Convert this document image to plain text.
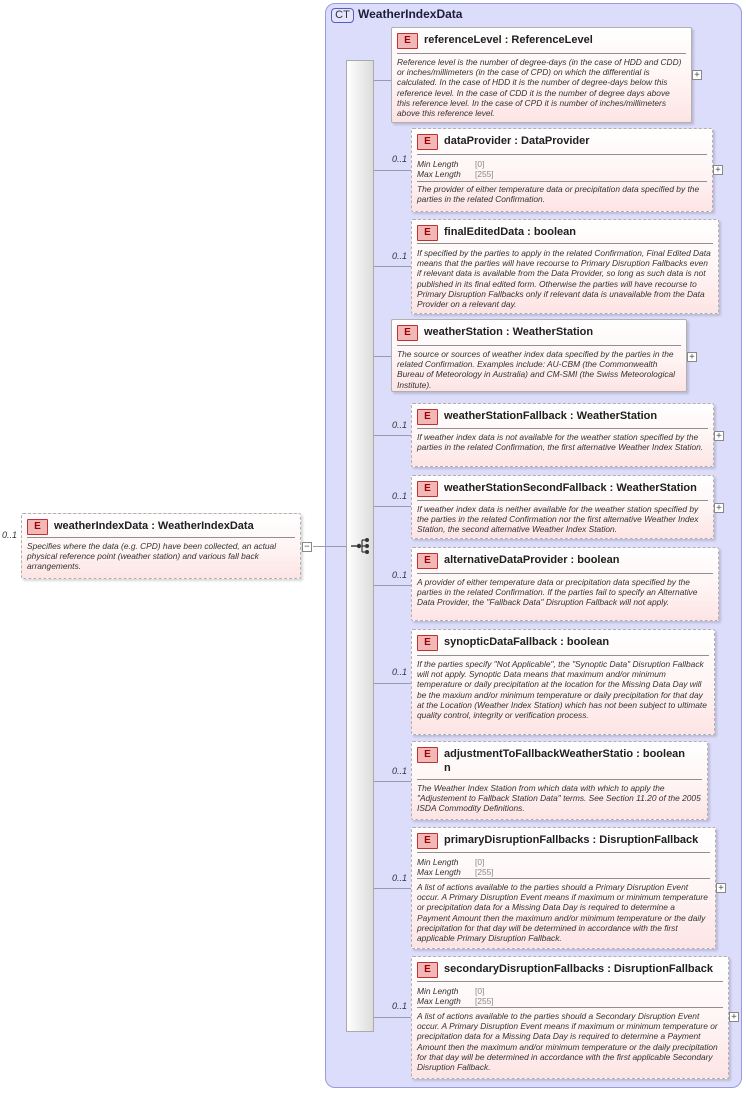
CT WeatherIndexData
0..1
E	weatherIndexData : WeatherIndexData
Specifies where the data (e.g. CPD) have been collected, an actual physical reference point (weather station) and various fall back arrangements.
−
E	referenceLevel : ReferenceLevel
Reference level is the number of degree-days (in the case of HDD and CDD) or inches/millimeters (in the case of CPD) on which the differential is calculated. In the case of HDD it is the number of degree-days below this reference level. In the case of CDD it is the number of degree days above this reference level. In the case of CPD it is number of inches/millimeters above this reference level.
+
0..1
E	dataProvider : DataProvider
Min Length [0]
Max Length [255]
The provider of either temperature data or precipitation data specified by the parties in the related Confirmation.
+
0..1
E	finalEditedData : boolean
If specified by the parties to apply in the related Confirmation, Final Edited Data means that the parties will have recourse to Primary Disruption Fallbacks even if relevant data is available from the Data Provider, so long as such data is not published in its final edited form. Otherwise the parties will have recourse to Primary Disruption Fallbacks only if relevant data is unavailable from the Data Provider on a relevant day.
E	weatherStation : WeatherStation
The source or sources of weather index data specified by the parties in the related Confirmation. Examples include: AU-CBM (the Commonwealth Bureau of Meteorology in Australia) and CM-SMI (the Swiss Meteorological Institute).
+
0..1
E	weatherStationFallback : WeatherStation
If weather index data is not available for the weather station specified by the parties in the related Confirmation, the first alternative Weather Index Station.
+
0..1
E	weatherStationSecondFallback : WeatherStation
If weather index data is neither available for the weather station specified by the parties in the related Confirmation nor the first alternative Weather Index Station, the second alternative Weather Index Station.
+
0..1
E	alternativeDataProvider : boolean
A provider of either temperature data or precipitation data specified by the parties in the related Confirmation. If the parties fail to specify an Alternative Data Provider, the "Fallback Data" Disruption Fallback will not apply.
0..1
E	synopticDataFallback : boolean
If the parties specify "Not Applicable", the "Synoptic Data" Disruption Fallback will not apply. Synoptic Data means that maximum and/or minimum temperature or daily precipitation at the location for the Missing Data Day will be the maxium and/or minimum temperature or daily precipitation for that day at the Location (Weather Index Station) which has not been subject to ultimate quality control, integrity or verification process.
0..1
E	adjustmentToFallbackWeatherStatio : boolean
n
The Weather Index Station from which data with which to apply the "Adjustement to Fallback Station Data" terms. See Section 11.20 of the 2005 ISDA Commodity Definitions.
0..1
E	primaryDisruptionFallbacks : DisruptionFallback
Min Length [0]
Max Length [255]
A list of actions available to the parties should a Primary Disruption Event occur. A Primary Disruption Event means if maximum or minimum temperature or precipitation data for a Missing Data Day is required to determine a Payment Amount then the maximum and/or minimum temperature or the daily precipitation for that day will be determined in accordance with the first applicable Primary Disruption Fallback.
+
0..1
E	secondaryDisruptionFallbacks : DisruptionFallback
Min Length [0]
Max Length [255]
A list of actions available to the parties should a Secondary Disruption Event occur. A Primary Disruption Event means if maximum or minimum temperature or precipitation data for a Missing Data Day is required to determine a Payment Amount then the maximum and/or minimum temperature or the daily precipitation for that day will be determined in accordance with the first applicable Secondary Disruption Fallback.
+
